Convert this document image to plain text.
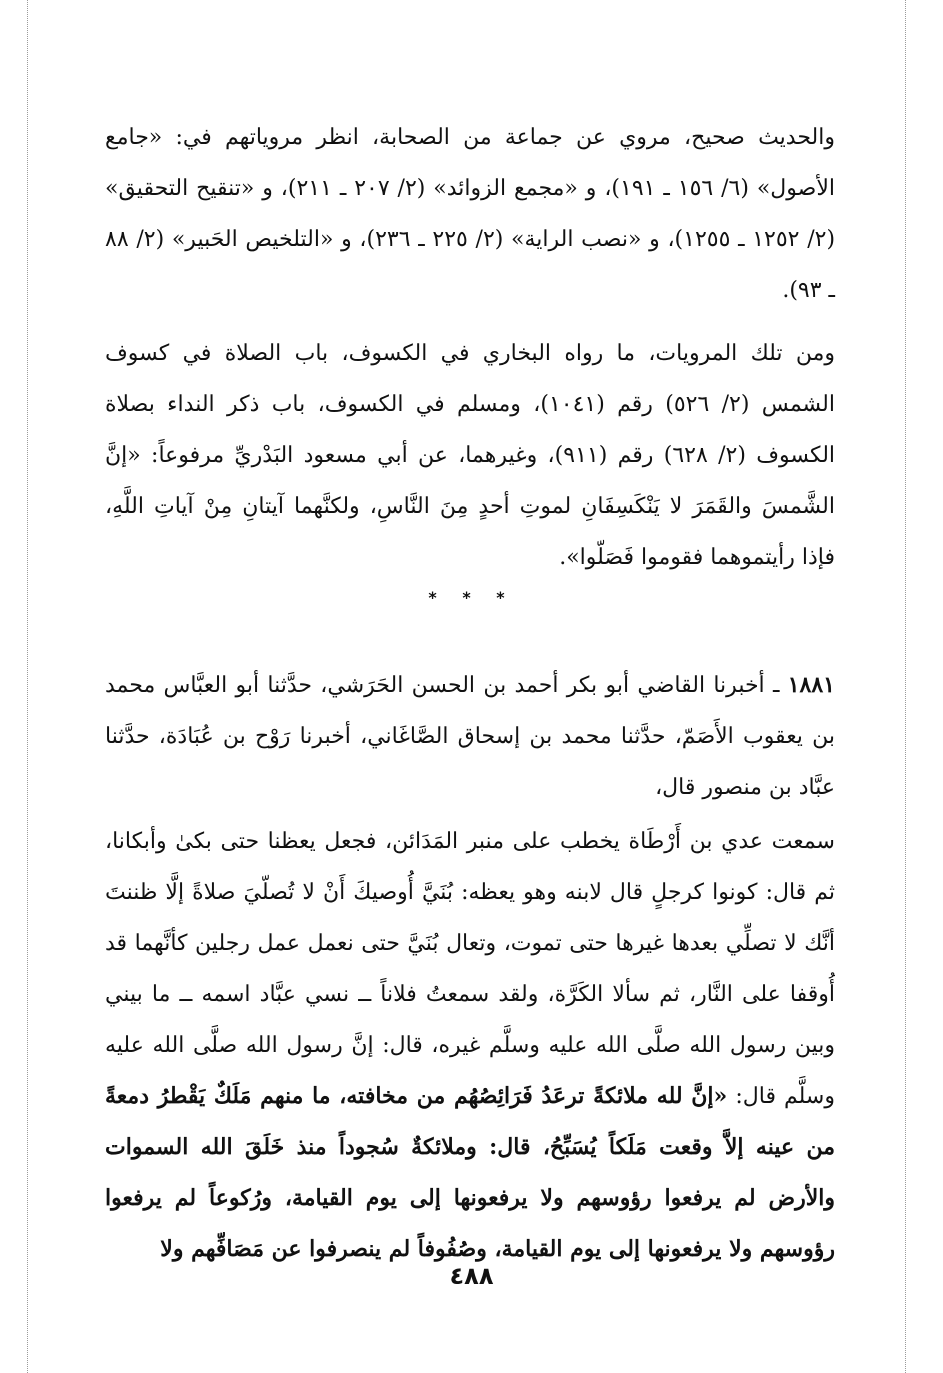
والحديث صحيح، مروي عن جماعة من الصحابة، انظر مروياتهم في: «جامع الأصول» (٦/ ١٥٦ ـ ١٩١)، و «مجمع الزوائد» (٢/ ٢٠٧ ـ ٢١١)، و «تنقيح التحقيق» (٢/ ١٢٥٢ ـ ١٢٥٥)، و «نصب الراية» (٢/ ٢٢٥ ـ ٢٣٦)، و «التلخيص الحَبير» (٢/ ٨٨ ـ ٩٣).

ومن تلك المرويات، ما رواه البخاري في الكسوف، باب الصلاة في كسوف الشمس (٢/ ٥٢٦) رقم (١٠٤١)، ومسلم في الكسوف، باب ذكر النداء بصلاة الكسوف (٢/ ٦٢٨) رقم (٩١١)، وغيرهما، عن أبي مسعود البَدْريِّ مرفوعاً: «إنَّ الشَّمسَ والقَمَرَ لا يَنْكَسِفَانِ لموتِ أحدٍ مِنَ النَّاسِ، ولكنَّهما آيتانِ مِنْ آياتِ اللَّهِ، فإذا رأيتموهما فقوموا فَصَلّوا».

* * *

١٨٨١ ـ أخبرنا القاضي أبو بكر أحمد بن الحسن الحَرَشي، حدَّثنا أبو العبَّاس محمد بن يعقوب الأَصَمّ، حدَّثنا محمد بن إسحاق الصَّاغَاني، أخبرنا رَوْح بن عُبَادَة، حدَّثنا عبَّاد بن منصور قال،

سمعت عدي بن أَرْطَاة يخطب على منبر المَدَائن، فجعل يعظنا حتى بكىٰ وأبكانا، ثم قال: كونوا كرجلٍ قال لابنه وهو يعظه: بُنَيَّ أُوصيكَ أَنْ لا تُصلّيَ صلاةً إلَّا ظننتَ أنَّك لا تصلِّي بعدها غيرها حتى تموت، وتعال بُنَيَّ حتى نعمل عمل رجلين كأنَّهما قد أُوقفا على النَّار، ثم سألا الكَرَّة، ولقد سمعتُ فلاناً ــ نسي عبَّاد اسمه ــ ما بيني وبين رسول الله صلَّى الله عليه وسلَّم غيره، قال: إنَّ رسول الله صلَّى الله عليه وسلَّم قال: «إنَّ لله ملائكةً ترعَدُ فَرَائِصُهُم من مخافته، ما منهم مَلَكٌ يَقْطرُ دمعةً من عينه إلاَّ وقعت مَلَكاً يُسَبِّحُ، قال: وملائكةٌ سُجوداً منذ خَلَقَ الله السموات والأرض لم يرفعوا رؤوسهم ولا يرفعونها إلى يوم القيامة، ورُكوعاً لم يرفعوا رؤوسهم ولا يرفعونها إلى يوم القيامة، وصُفُوفاً لم ينصرفوا عن مَصَافِّهم ولا

٤٨٨
